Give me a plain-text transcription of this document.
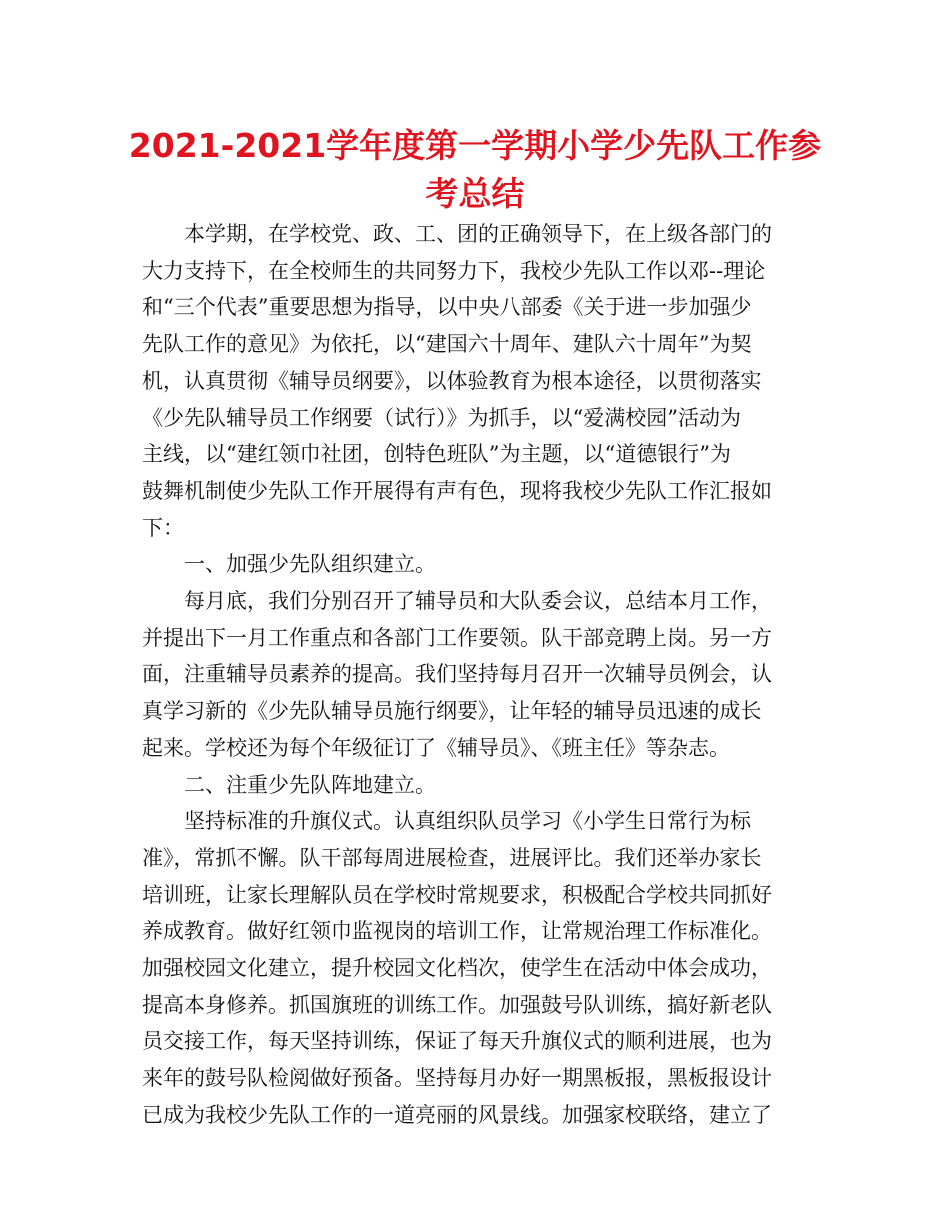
2021-2021学年度第一学期小学少先队工作参
考总结

　　本学期，在学校党、政、工、团的正确领导下，在上级各部门的

大力支持下，在全校师生的共同努力下，我校少先队工作以邓--理论

和“三个代表”重要思想为指导，以中央八部委《关于进一步加强少

先队工作的意见》为依托，以“建国六十周年、建队六十周年”为契

机，认真贯彻《辅导员纲要》，以体验教育为根本途径，以贯彻落实

《少先队辅导员工作纲要（试行）》为抓手，以“爱满校园”活动为

主线，以“建红领巾社团，创特色班队”为主题，以“道德银行”为

鼓舞机制使少先队工作开展得有声有色，现将我校少先队工作汇报如

下：

　　一、加强少先队组织建立。

　　每月底，我们分别召开了辅导员和大队委会议，总结本月工作，

并提出下一月工作重点和各部门工作要领。队干部竞聘上岗。另一方

面，注重辅导员素养的提高。我们坚持每月召开一次辅导员例会，认

真学习新的《少先队辅导员施行纲要》，让年轻的辅导员迅速的成长

起来。学校还为每个年级征订了《辅导员》、《班主任》等杂志。

　　二、注重少先队阵地建立。

　　坚持标准的升旗仪式。认真组织队员学习《小学生日常行为标

准》，常抓不懈。队干部每周进展检查，进展评比。我们还举办家长

培训班，让家长理解队员在学校时常规要求，积极配合学校共同抓好

养成教育。做好红领巾监视岗的培训工作，让常规治理工作标准化。

加强校园文化建立，提升校园文化档次，使学生在活动中体会成功，

提高本身修养。抓国旗班的训练工作。加强鼓号队训练，搞好新老队

员交接工作，每天坚持训练，保证了每天升旗仪式的顺利进展，也为

来年的鼓号队检阅做好预备。坚持每月办好一期黑板报，黑板报设计

已成为我校少先队工作的一道亮丽的风景线。加强家校联络，建立了
